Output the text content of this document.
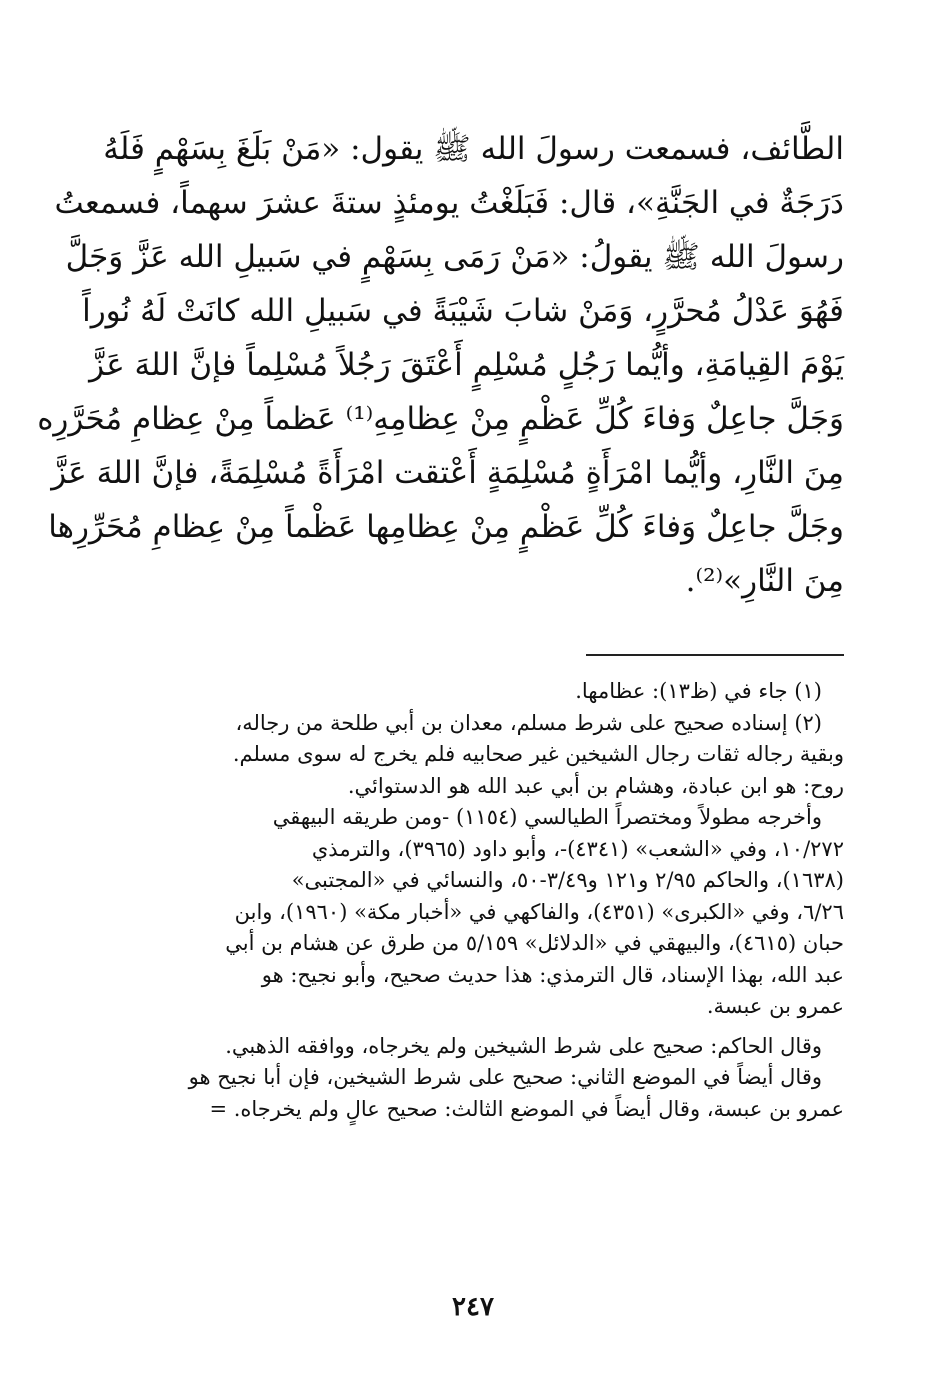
الطَّائف، فسمعت رسولَ الله ﷺ يقول: «مَنْ بَلَغَ بِسَهْمٍ فَلَهُ
دَرَجَةٌ في الجَنَّةِ»، قال: فَبَلَغْتُ يومئذٍ ستةَ عشرَ سهماً، فسمعتُ
رسولَ الله ﷺ يقولُ: «مَنْ رَمَى بِسَهْمٍ في سَبيلِ الله عَزَّ وَجَلَّ
فَهُوَ عَدْلُ مُحرَّرٍ، وَمَنْ شابَ شَيْبَةً في سَبيلِ الله كانَتْ لَهُ نُوراً
يَوْمَ القِيامَةِ، وأيُّما رَجُلٍ مُسْلِمٍ أَعْتَقَ رَجُلاً مُسْلِماً فإنَّ اللهَ عَزَّ
وَجَلَّ جاعِلٌ وَفاءَ كُلِّ عَظْمٍ مِنْ عِظامِهِ⁽¹⁾ عَظماً مِنْ عِظامِ مُحَرَّرِه
مِنَ النَّارِ، وأيُّما امْرَأَةٍ مُسْلِمَةٍ أَعْتقت امْرَأَةً مُسْلِمَةً، فإنَّ اللهَ عَزَّ
وجَلَّ جاعِلٌ وَفاءَ كُلِّ عَظْمٍ مِنْ عِظامِها عَظْماً مِنْ عِظامِ مُحَرِّرِها
مِنَ النَّارِ»⁽²⁾.
(١) جاء في (ظ١٣): عظامها.
(٢) إسناده صحيح على شرط مسلم، معدان بن أبي طلحة من رجاله،
وبقية رجاله ثقات رجال الشيخين غير صحابيه فلم يخرج له سوى مسلم.
روح: هو ابن عبادة، وهشام بن أبي عبد الله هو الدستوائي.
وأخرجه مطولاً ومختصراً الطيالسي (١١٥٤) -ومن طريقه البيهقي
١٠/٢٧٢، وفي «الشعب» (٤٣٤١)-، وأبو داود (٣٩٦٥)، والترمذي
(١٦٣٨)، والحاكم ٢/٩٥ و١٢١ و٣/٤٩-٥٠، والنسائي في «المجتبى»
٦/٢٦، وفي «الكبرى» (٤٣٥١)، والفاكهي في «أخبار مكة» (١٩٦٠)، وابن
حبان (٤٦١٥)، والبيهقي في «الدلائل» ٥/١٥٩ من طرق عن هشام بن أبي
عبد الله، بهذا الإسناد، قال الترمذي: هذا حديث صحيح، وأبو نجيح: هو
عمرو بن عبسة.
وقال الحاكم: صحيح على شرط الشيخين ولم يخرجاه، ووافقه الذهبي.
وقال أيضاً في الموضع الثاني: صحيح على شرط الشيخين، فإن أبا نجيح هو
عمرو بن عبسة، وقال أيضاً في الموضع الثالث: صحيح عالٍ ولم يخرجاه. =
٢٤٧
